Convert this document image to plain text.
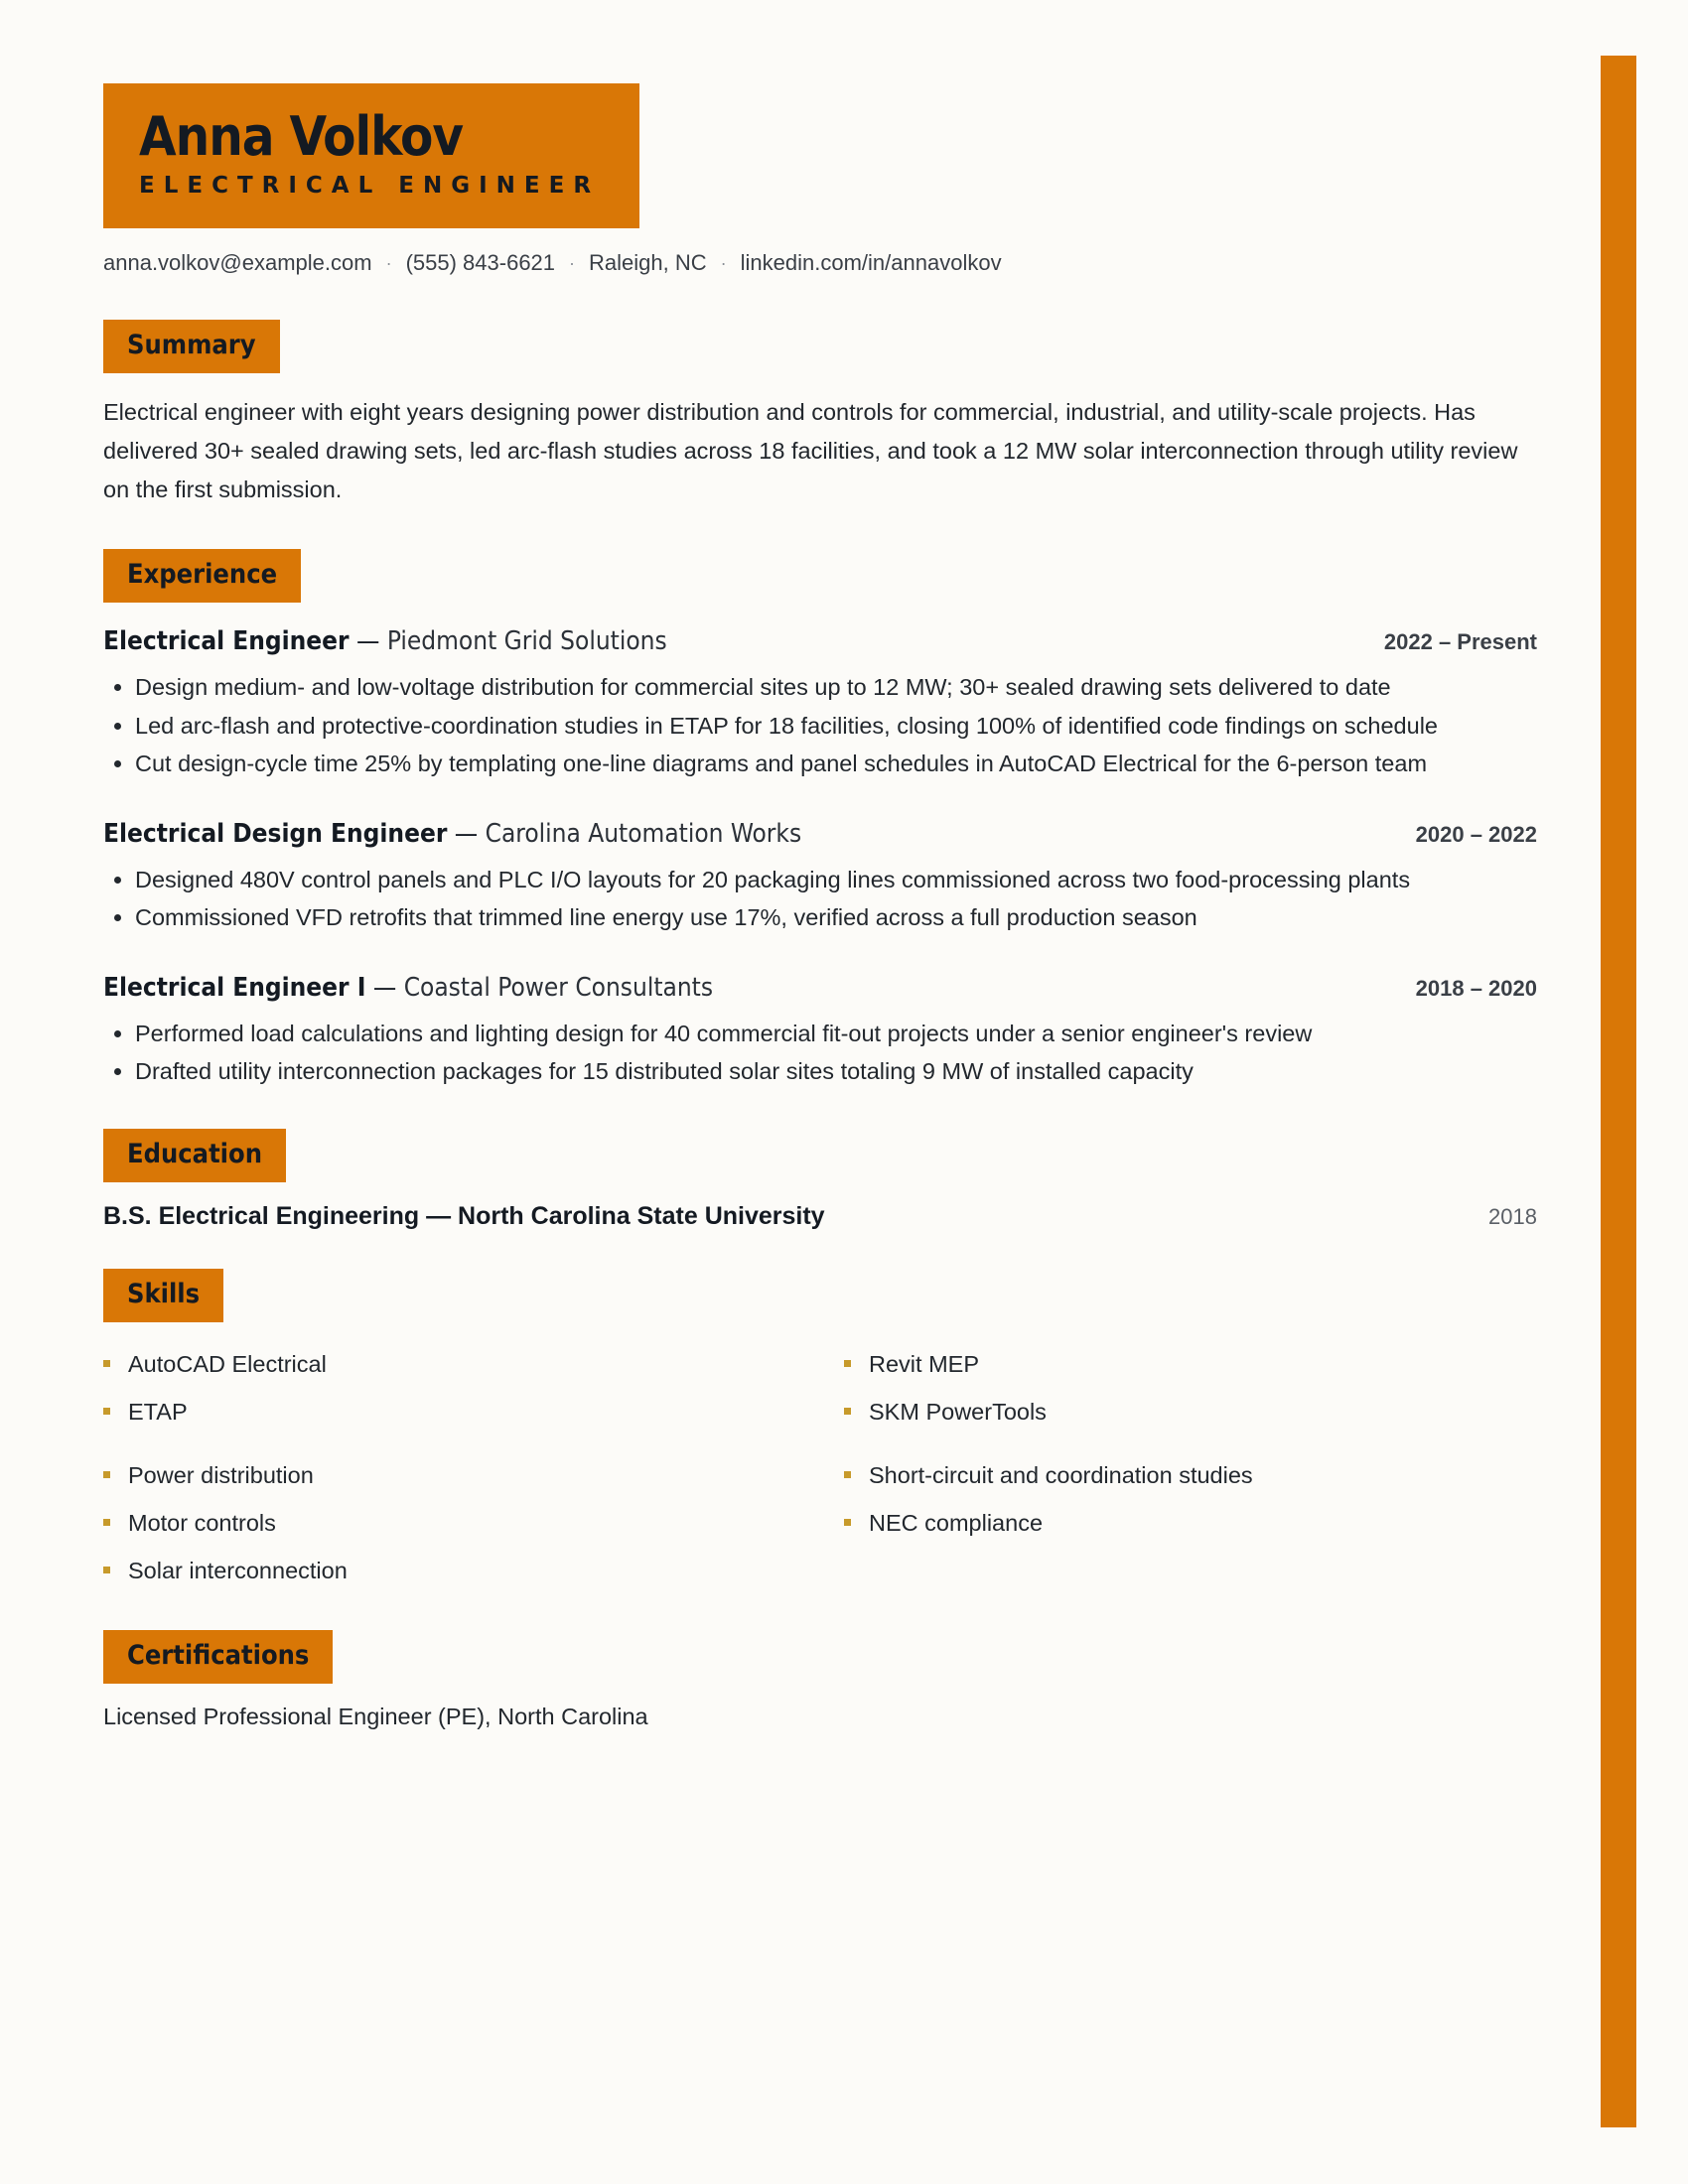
Anna Volkov
ELECTRICAL ENGINEER
anna.volkov@example.com · (555) 843-6621 · Raleigh, NC · linkedin.com/in/annavolkov
Summary
Electrical engineer with eight years designing power distribution and controls for commercial, industrial, and utility-scale projects. Has delivered 30+ sealed drawing sets, led arc-flash studies across 18 facilities, and took a 12 MW solar interconnection through utility review on the first submission.
Experience
Electrical Engineer — Piedmont Grid Solutions	2022 – Present
• Design medium- and low-voltage distribution for commercial sites up to 12 MW; 30+ sealed drawing sets delivered to date
• Led arc-flash and protective-coordination studies in ETAP for 18 facilities, closing 100% of identified code findings on schedule
• Cut design-cycle time 25% by templating one-line diagrams and panel schedules in AutoCAD Electrical for the 6-person team
Electrical Design Engineer — Carolina Automation Works	2020 – 2022
• Designed 480V control panels and PLC I/O layouts for 20 packaging lines commissioned across two food-processing plants
• Commissioned VFD retrofits that trimmed line energy use 17%, verified across a full production season
Electrical Engineer I — Coastal Power Consultants	2018 – 2020
• Performed load calculations and lighting design for 40 commercial fit-out projects under a senior engineer's review
• Drafted utility interconnection packages for 15 distributed solar sites totaling 9 MW of installed capacity
Education
B.S. Electrical Engineering — North Carolina State University	2018
Skills
AutoCAD Electrical	Revit MEP
ETAP	SKM PowerTools
Power distribution	Short-circuit and coordination studies
Motor controls	NEC compliance
Solar interconnection
Certifications
Licensed Professional Engineer (PE), North Carolina
